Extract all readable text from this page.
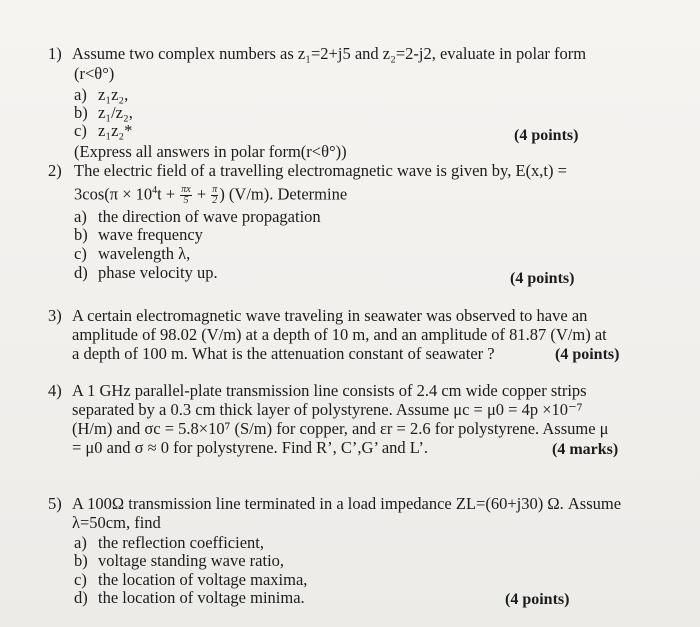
1) Assume two complex numbers as z₁=2+j5 and z₂=2-j2, evaluate in polar form
(r<θ°)
a) z₁z₂,
b) z₁/z₂,
c) z₁z₂*	(4 points)
(Express all answers in polar form(r<θ°))
2) The electric field of a travelling electromagnetic wave is given by, E(x,t) =
$3\cos(\pi \times 10^4t + \frac{\pi x}{5} + \frac{\pi}{2}$ ) (V/m). Determine
a) the direction of wave propagation
b) wave frequency
c) wavelength λ,
d) phase velocity up.	(4 points)
3) A certain electromagnetic wave traveling in seawater was observed to have an
amplitude of 98.02 (V/m) at a depth of 10 m, and an amplitude of 81.87 (V/m) at
a depth of 100 m. What is the attenuation constant of seawater ?	(4 points)
4) A 1 GHz parallel-plate transmission line consists of 2.4 cm wide copper strips
separated by a 0.3 cm thick layer of polystyrene. Assume μc = μ0 = 4p ×10⁻⁷
(H/m) and σc = 5.8×10⁷ (S/m) for copper, and εr = 2.6 for polystyrene. Assume μ
= μ0 and σ ≈ 0 for polystyrene. Find R’, C’,G’ and L’.	(4 marks)
5) A 100Ω transmission line terminated in a load impedance ZL=(60+j30) Ω. Assume
λ=50cm, find
a) the reflection coefficient,
b) voltage standing wave ratio,
c) the location of voltage maxima,
d) the location of voltage minima.	(4 points)
